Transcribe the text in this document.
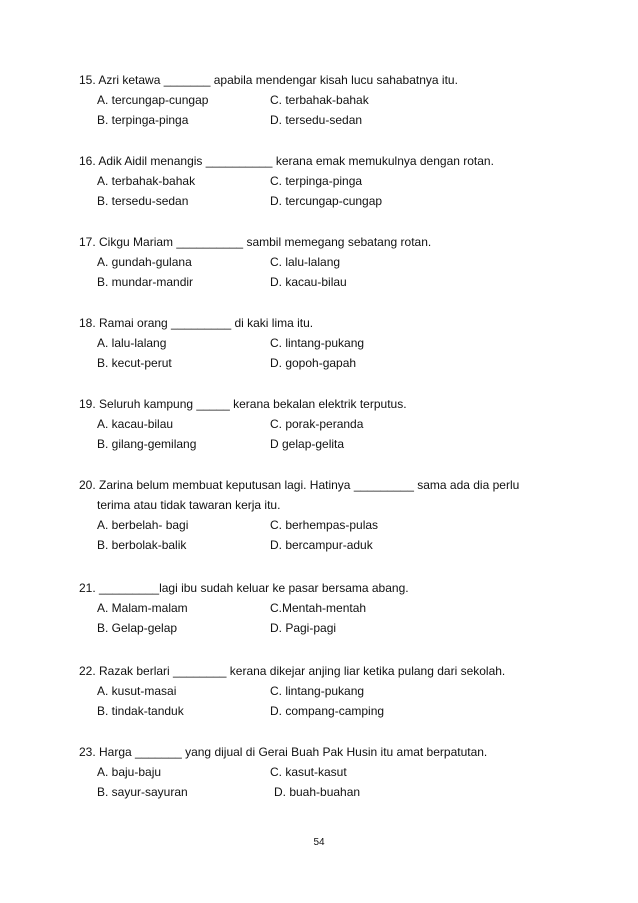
15. Azri ketawa _______ apabila mendengar kisah lucu sahabatnya itu.
A. tercungap-cungap	C. terbahak-bahak
B. terpinga-pinga	D. tersedu-sedan
16. Adik Aidil menangis __________ kerana emak memukulnya dengan rotan.
A. terbahak-bahak	C. terpinga-pinga
B. tersedu-sedan	D. tercungap-cungap
17. Cikgu Mariam __________ sambil memegang sebatang rotan.
A. gundah-gulana	C. lalu-lalang
B. mundar-mandir	D. kacau-bilau
18. Ramai orang _________ di kaki lima itu.
A. lalu-lalang	C. lintang-pukang
B. kecut-perut	D. gopoh-gapah
19. Seluruh kampung _____ kerana bekalan elektrik terputus.
A. kacau-bilau	C. porak-peranda
B. gilang-gemilang	D gelap-gelita
20. Zarina belum membuat keputusan lagi. Hatinya _________ sama ada dia perlu
terima atau tidak tawaran kerja itu.
A. berbelah- bagi	C. berhempas-pulas
B. berbolak-balik	D. bercampur-aduk
21. _________lagi ibu sudah keluar ke pasar bersama abang.
A. Malam-malam	C.Mentah-mentah
B. Gelap-gelap	D. Pagi-pagi
22. Razak berlari ________ kerana dikejar anjing liar ketika pulang dari sekolah.
A. kusut-masai	C. lintang-pukang
B. tindak-tanduk	D. compang-camping
23. Harga _______ yang dijual di Gerai Buah Pak Husin itu amat berpatutan.
A. baju-baju	C. kasut-kasut
B. sayur-sayuran	D. buah-buahan
54
